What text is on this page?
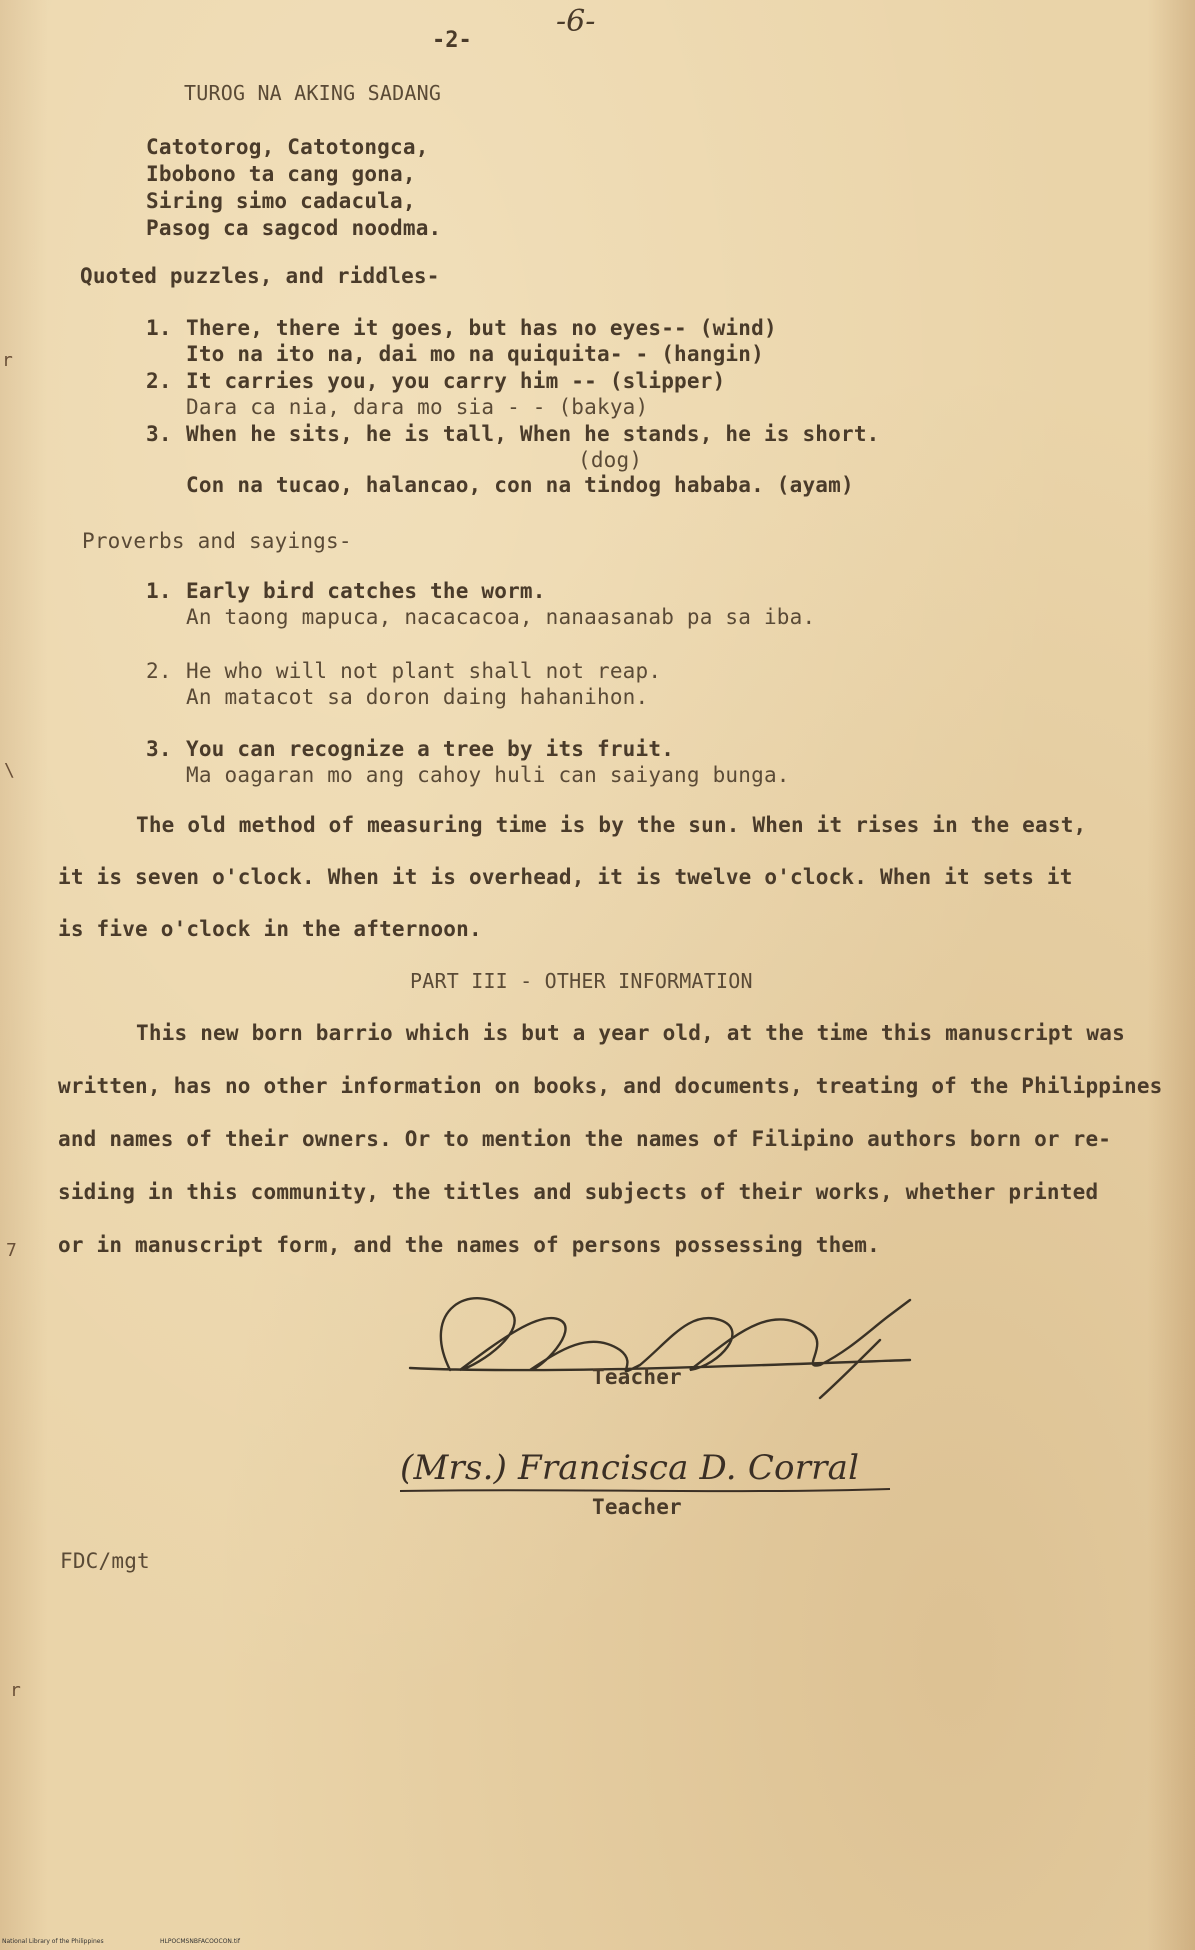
-6-
-2-
TUROG NA AKING SADANG
Catotorog, Catotongca,
Ibobono ta cang gona,
Siring simo cadacula,
Pasog ca sagcod noodma.
Quoted puzzles, and riddles-
1. There, there it goes, but has no eyes-- (wind)
Ito na ito na, dai mo na quiquita- - (hangin)
2. It carries you, you carry him -- (slipper)
Dara ca nia, dara mo sia - - (bakya)
3. When he sits, he is tall, When he stands, he is short.
(dog)
Con na tucao, halancao, con na tindog hababa. (ayam)
Proverbs and sayings-
1. Early bird catches the worm.
An taong mapuca, nacacacoa, nanaasanab pa sa iba.
2. He who will not plant shall not reap.
An matacot sa doron daing hahanihon.
3. You can recognize a tree by its fruit.
Ma oagaran mo ang cahoy huli can saiyang bunga.
The old method of measuring time is by the sun. When it rises in the east,
it is seven o'clock. When it is overhead, it is twelve o'clock. When it sets it
is five o'clock in the afternoon.
PART III - OTHER INFORMATION
This new born barrio which is but a year old, at the time this manuscript was
written, has no other information on books, and documents, treating of the Philippines
and names of their owners. Or to mention the names of Filipino authors born or re-
siding in this community, the titles and subjects of their works, whether printed
or in manuscript form, and the names of persons possessing them.
Teacher
(Mrs.) Francisca D. Corral
Teacher
FDC/mgt
r
\
7
r
National Library of the Philippines	HLPOCMSNBFACOOCON.tif
